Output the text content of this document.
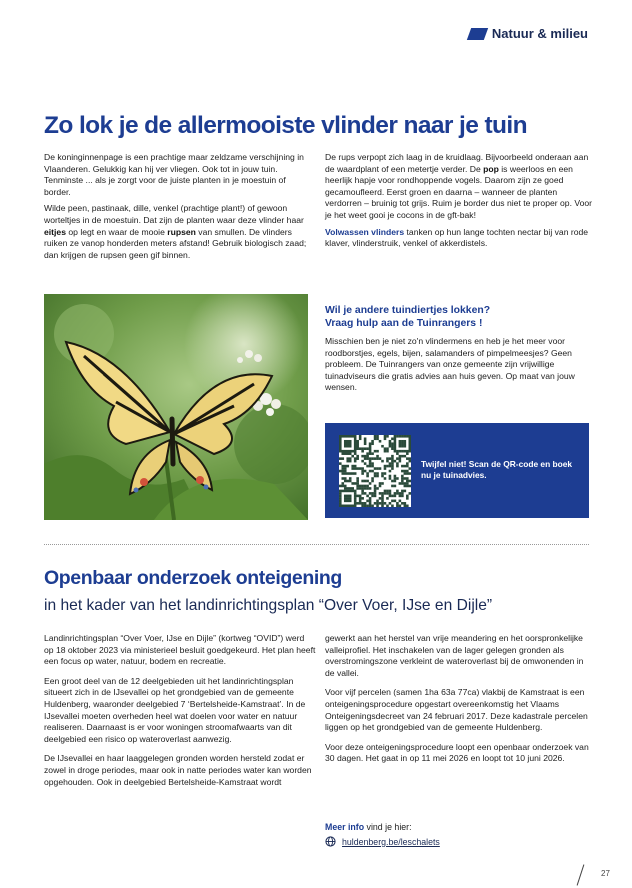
Natuur & milieu
Zo lok je de allermooiste vlinder naar je tuin

De koninginnenpage is een prachtige maar zeldzame verschijning in Vlaanderen. Gelukkig kan hij ver vliegen. Ook tot in jouw tuin. Tenminste ... als je zorgt voor de juiste planten in je moestuin of border.

Wilde peen, pastinaak, dille, venkel (prachtige plant!) of gewoon worteltjes in de moestuin. Dat zijn de planten waar deze vlinder haar eitjes op legt en waar de mooie rupsen van smullen. De vlinders ruiken ze vanop honderden meters afstand! Gebruik biologisch zaad; dan krijgen de rupsen geen gif binnen.

De rups verpopt zich laag in de kruidlaag. Bijvoorbeeld onderaan aan de waardplant of een metertje verder. De pop is weerloos en een heerlijk hapje voor rondhoppende vogels. Daarom zijn ze goed gecamoufleerd. Eerst groen en daarna – wanneer de planten verdorren – bruinig tot grijs. Ruim je border dus niet te proper op. Voor je het weet gooi je cocons in de gft-bak!

Volwassen vlinders tanken op hun lange tochten nectar bij van rode klaver, vlinderstruik, venkel of akkerdistels.

Wil je andere tuindiertjes lokken?
Vraag hulp aan de Tuinrangers !

Misschien ben je niet zo'n vlindermens en heb je het meer voor roodborstjes, egels, bijen, salamanders of pimpelmeesjes? Geen probleem. De Tuinrangers van onze gemeente zijn vrijwillige tuinadviseurs die gratis advies aan huis geven. Op maat van jouw wensen.

Twijfel niet! Scan de QR-code en boek nu je tuinadvies.
Openbaar onderzoek onteigening
in het kader van het landinrichtingsplan “Over Voer, IJse en Dijle”

Landinrichtingsplan “Over Voer, IJse en Dijle” (kortweg “OVID”) werd op 18 oktober 2023 via ministerieel besluit goedgekeurd. Het plan heeft een focus op water, natuur, bodem en recreatie.

Een groot deel van de 12 deelgebieden uit het landinrichtingsplan situeert zich in de IJsevallei op het grondgebied van de gemeente Huldenberg, waaronder deelgebied 7 ‘Bertelsheide-Kamstraat’. In de IJsevallei moeten overheden heel wat doelen voor water en natuur realiseren. Daarnaast is er voor woningen stroomafwaarts van dit deelgebied een risico op wateroverlast aanwezig.

De IJsevallei en haar laaggelegen gronden worden hersteld zodat er zowel in droge periodes, maar ook in natte periodes water kan worden opgehouden. Ook in deelgebied Bertelsheide-Kamstraat wordt

gewerkt aan het herstel van vrije meandering en het oorspronkelijke valleiprofiel. Het inschakelen van de lager gelegen gronden als overstromingszone verkleint de wateroverlast bij de omwonenden in de vallei.

Voor vijf percelen (samen 1ha 63a 77ca) vlakbij de Kamstraat is een onteigeningsprocedure opgestart overeenkomstig het Vlaams Onteigeningsdecreet van 24 februari 2017. Deze kadastrale percelen liggen op het grondgebied van de gemeente Huldenberg.

Voor deze onteigeningsprocedure loopt een openbaar onderzoek van 30 dagen. Het gaat in op 11 mei 2026 en loopt tot 10 juni 2026.

Meer info vind je hier:
huldenberg.be/leschalets
27
